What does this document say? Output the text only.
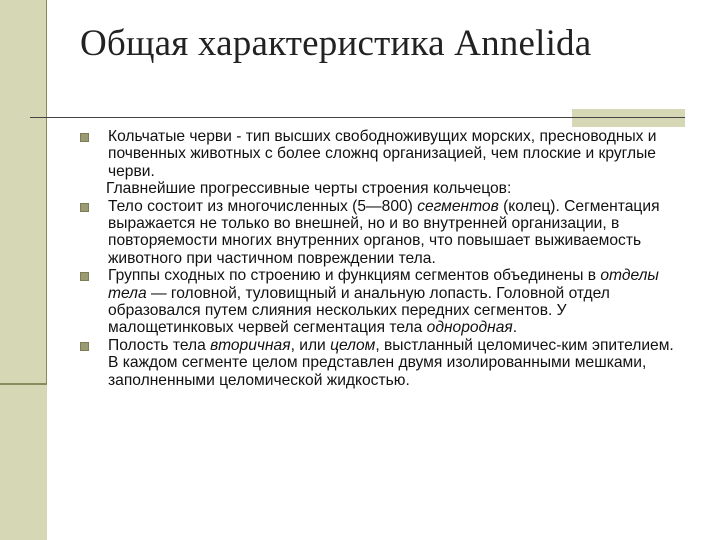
Общая характеристика Annelida
Кольчатые черви - тип высших свободноживущих морских, пресноводных и почвенных животных с более сложнq организацией, чем плоские и круглые черви.
Главнейшие прогрессивные черты строения кольчецов:
Тело состоит из многочисленных (5—800) сегментов (колец). Сегментация выражается не только во внешней, но и во внутренней организации, в повторяемости многих внутренних органов, что повышает выживаемость животного при частичном повреждении тела.
Группы сходных по строению и функциям сегментов объединены в отделы тела — головной, туловищный и анальную лопасть. Головной отдел образовался путем слияния нескольких передних сегментов. У малощетинковых червей сегментация тела однородная.
Полость тела вторичная, или целом, выстланный целомичес-ким эпителием. В каждом сегменте целом представлен двумя изолированными мешками, заполненными целомической жидкостью.
